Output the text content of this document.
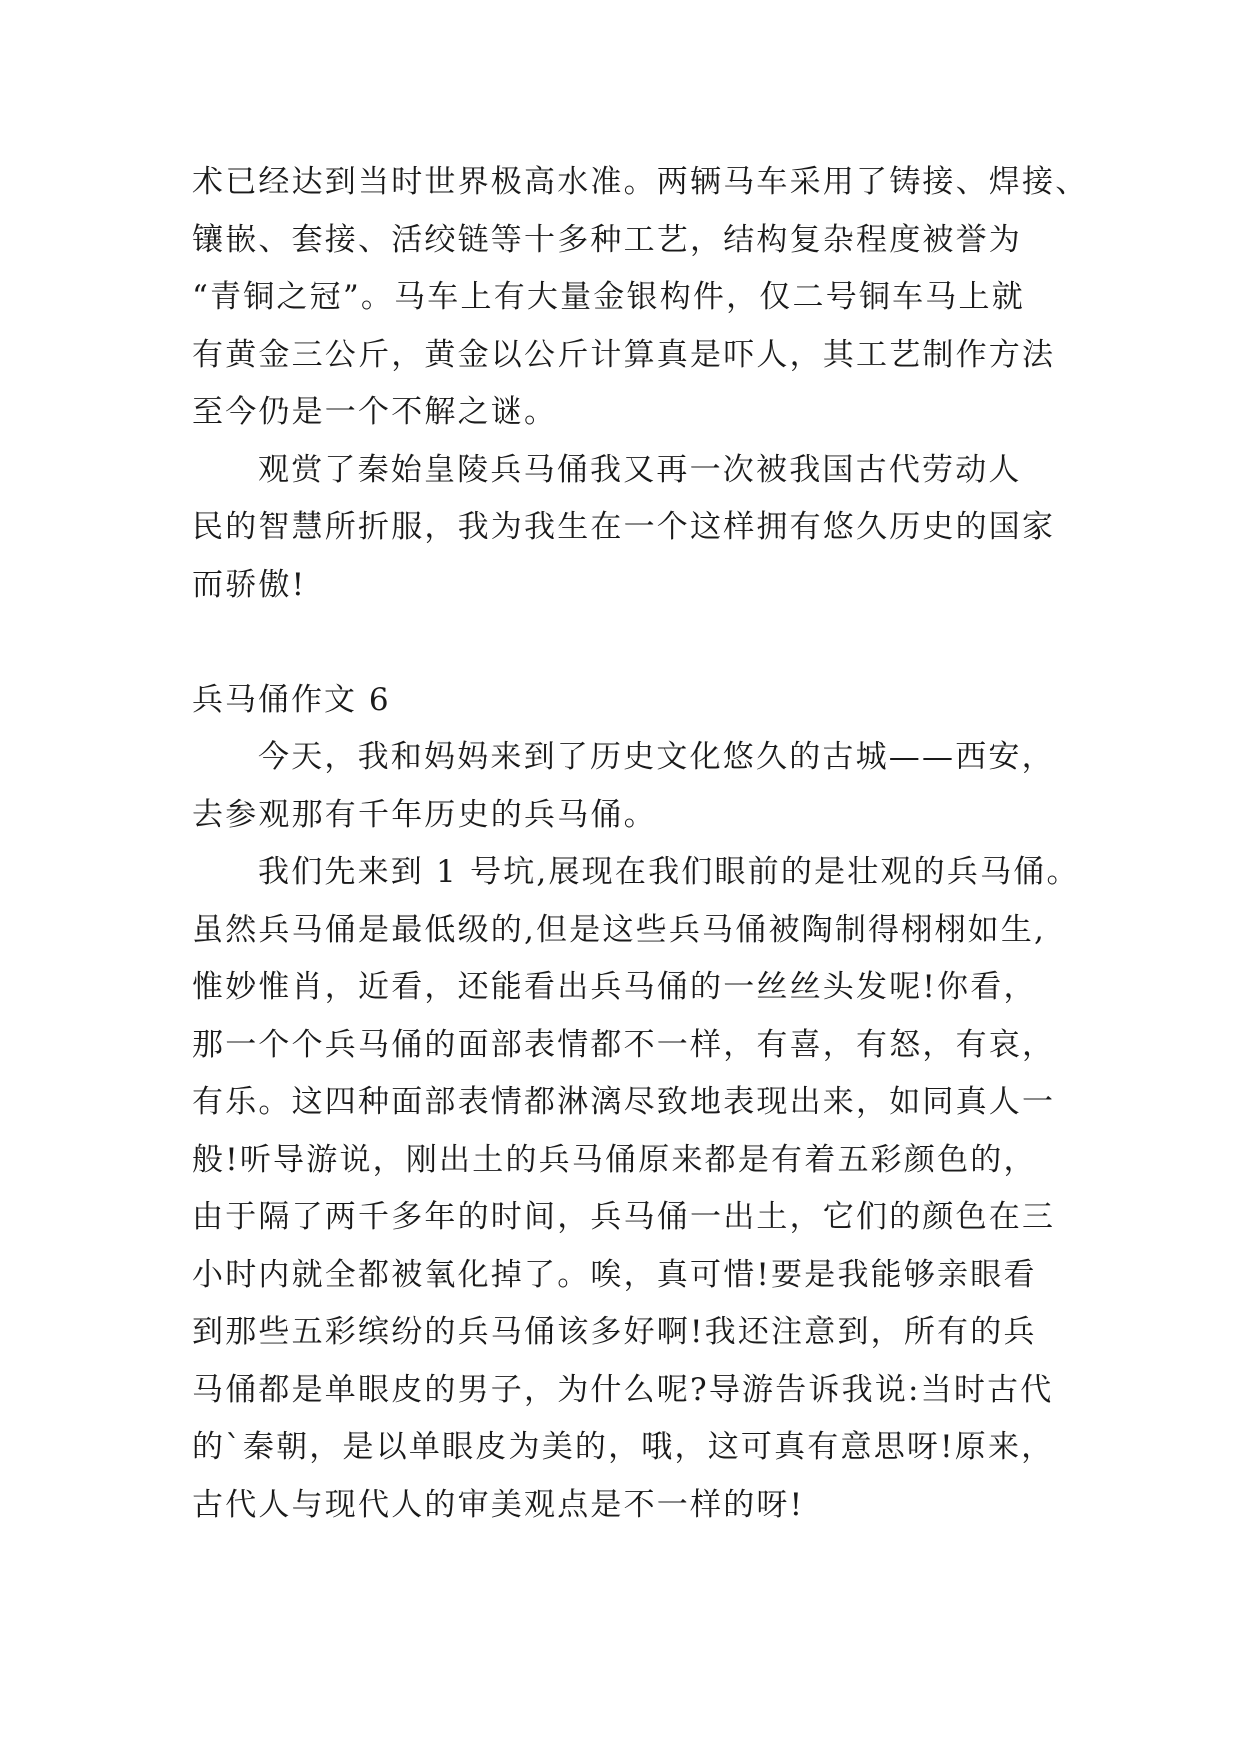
术已经达到当时世界极高水准。两辆马车采用了铸接、焊接、
镶嵌、套接、活绞链等十多种工艺，结构复杂程度被誉为
“青铜之冠”。马车上有大量金银构件，仅二号铜车马上就
有黄金三公斤，黄金以公斤计算真是吓人，其工艺制作方法
至今仍是一个不解之谜。
观赏了秦始皇陵兵马俑我又再一次被我国古代劳动人
民的智慧所折服，我为我生在一个这样拥有悠久历史的国家
而骄傲!
兵马俑作文 6
今天，我和妈妈来到了历史文化悠久的古城——西安，
去参观那有千年历史的兵马俑。
我们先来到 1 号坑,展现在我们眼前的是壮观的兵马俑。
虽然兵马俑是最低级的,但是这些兵马俑被陶制得栩栩如生,
惟妙惟肖，近看，还能看出兵马俑的一丝丝头发呢!你看，
那一个个兵马俑的面部表情都不一样，有喜，有怒，有哀，
有乐。这四种面部表情都淋漓尽致地表现出来，如同真人一
般!听导游说，刚出土的兵马俑原来都是有着五彩颜色的，
由于隔了两千多年的时间，兵马俑一出土，它们的颜色在三
小时内就全都被氧化掉了。唉，真可惜!要是我能够亲眼看
到那些五彩缤纷的兵马俑该多好啊!我还注意到，所有的兵
马俑都是单眼皮的男子，为什么呢?导游告诉我说:当时古代
的`秦朝，是以单眼皮为美的，哦，这可真有意思呀!原来，
古代人与现代人的审美观点是不一样的呀!
